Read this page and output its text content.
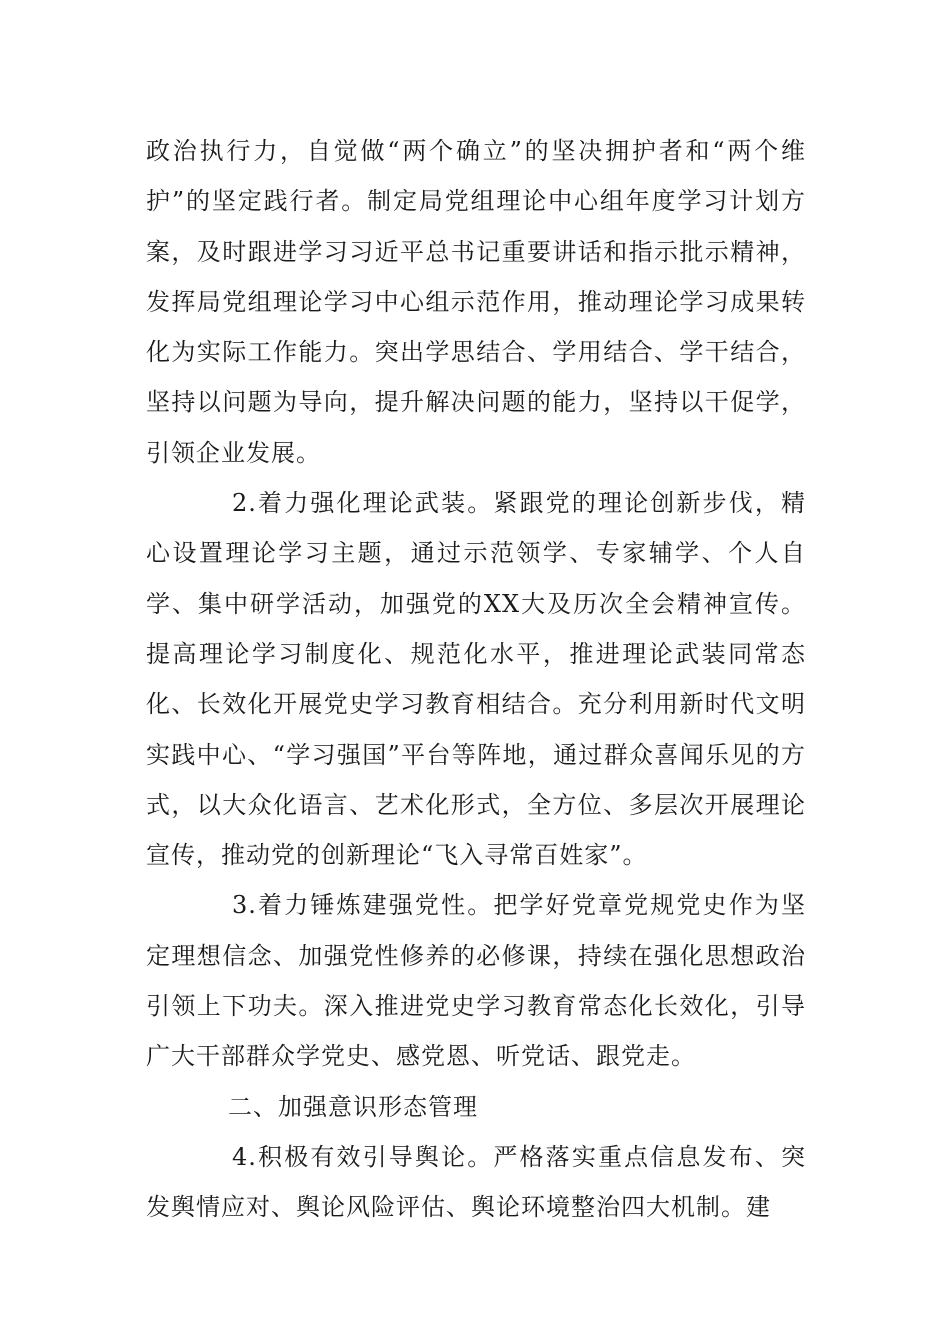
政治执行力，自觉做“两个确立”的坚决拥护者和“两个维护”的坚定践行者。制定局党组理论中心组年度学习计划方案，及时跟进学习习近平总书记重要讲话和指示批示精神，发挥局党组理论学习中心组示范作用，推动理论学习成果转化为实际工作能力。突出学思结合、学用结合、学干结合，坚持以问题为导向，提升解决问题的能力，坚持以干促学，引领企业发展。

2.着力强化理论武装。紧跟党的理论创新步伐，精心设置理论学习主题，通过示范领学、专家辅学、个人自学、集中研学活动，加强党的XX大及历次全会精神宣传。提高理论学习制度化、规范化水平，推进理论武装同常态化、长效化开展党史学习教育相结合。充分利用新时代文明实践中心、“学习强国”平台等阵地，通过群众喜闻乐见的方式，以大众化语言、艺术化形式，全方位、多层次开展理论宣传，推动党的创新理论“飞入寻常百姓家”。

3.着力锤炼建强党性。把学好党章党规党史作为坚定理想信念、加强党性修养的必修课，持续在强化思想政治引领上下功夫。深入推进党史学习教育常态化长效化，引导广大干部群众学党史、感党恩、听党话、跟党走。

二、加强意识形态管理

4.积极有效引导舆论。严格落实重点信息发布、突发舆情应对、舆论风险评估、舆论环境整治四大机制。建
